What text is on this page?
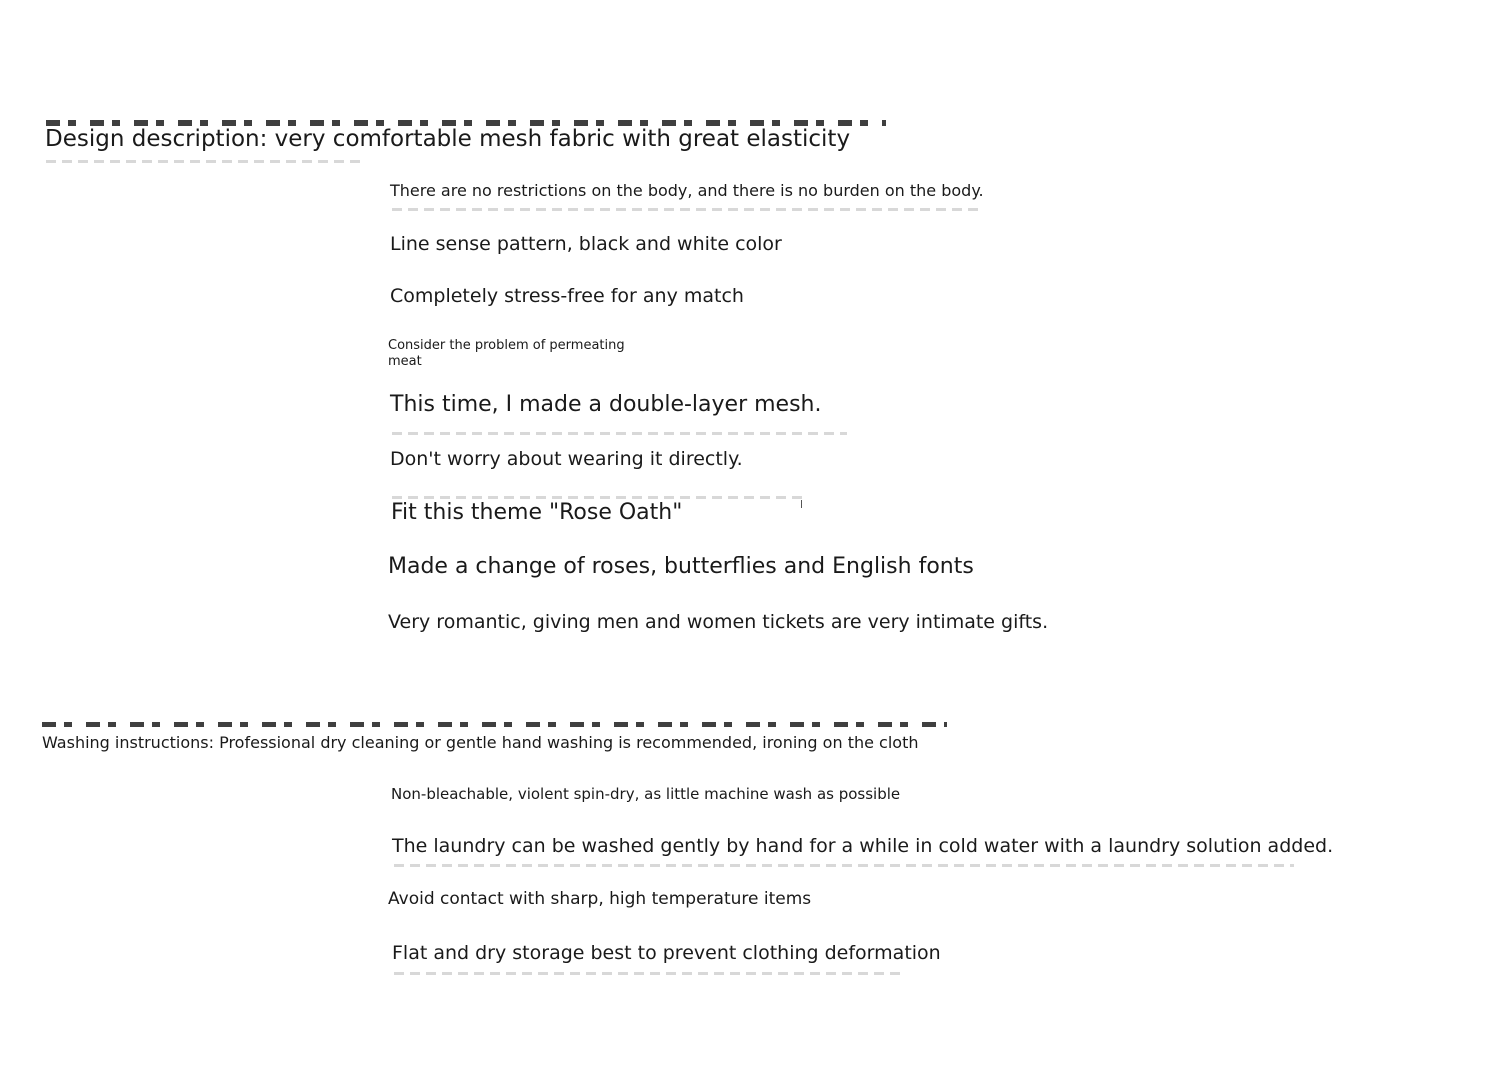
Design description: very comfortable mesh fabric with great elasticity
There are no restrictions on the body, and there is no burden on the body.
Line sense pattern, black and white color
Completely stress-free for any match
Consider the problem of permeating
meat
This time, I made a double-layer mesh.
Don't worry about wearing it directly.
Fit this theme "Rose Oath"
Made a change of roses, butterflies and English fonts
Very romantic, giving men and women tickets are very intimate gifts.
Washing instructions: Professional dry cleaning or gentle hand washing is recommended, ironing on the cloth
Non-bleachable, violent spin-dry, as little machine wash as possible
The laundry can be washed gently by hand for a while in cold water with a laundry solution added.
Avoid contact with sharp, high temperature items
Flat and dry storage best to prevent clothing deformation
